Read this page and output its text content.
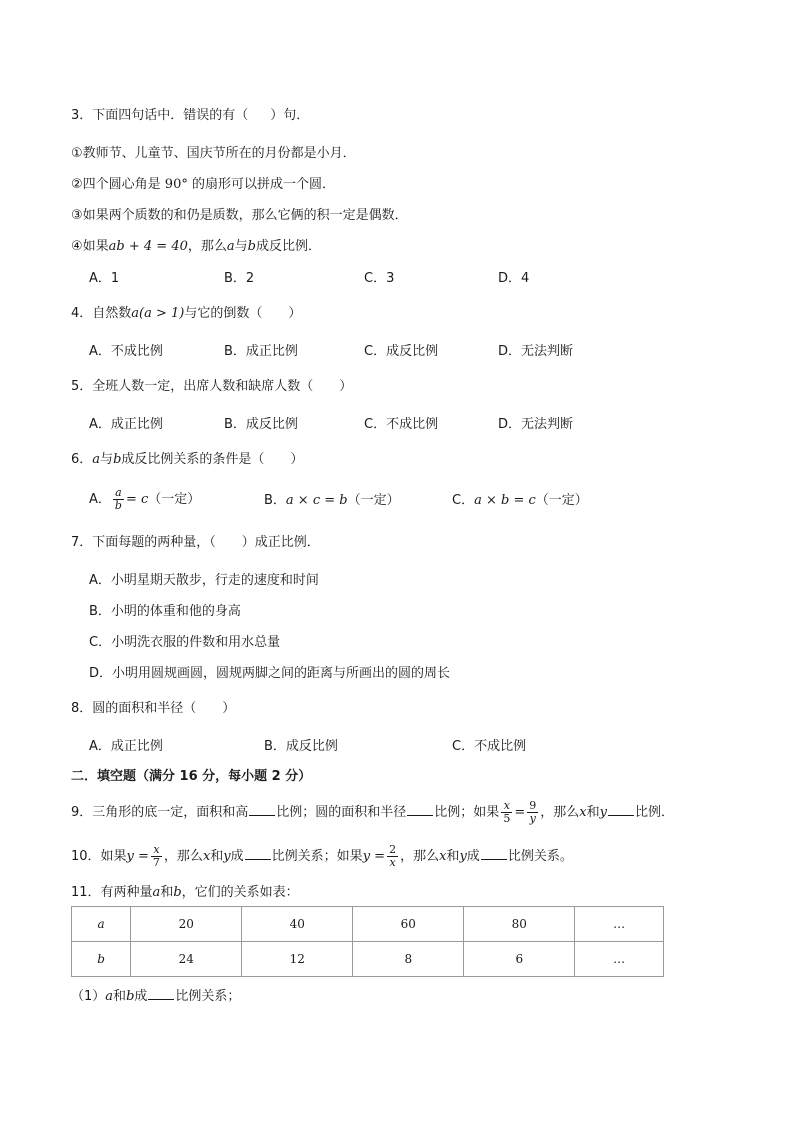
3．下面四句话中．错误的有（ ）句．
①教师节、儿童节、国庆节所在的月份都是小月．
②四个圆心角是 90° 的扇形可以拼成一个圆．
③如果两个质数的和仍是质数，那么它俩的积一定是偶数．
④如果ab + 4 = 40，那么a与b成反比例．
A．1	B．2	C．3	D．4
4．自然数a(a > 1)与它的倒数（　　）
A．不成比例	B．成正比例	C．成反比例	D．无法判断
5．全班人数一定，出席人数和缺席人数（　　）
A．成正比例	B．成反比例	C．不成比例	D．无法判断
6．a与b成反比例关系的条件是（　　）
A． $\frac{a}{b} = c$（一定）	B．a × c = b（一定）	C．a × b = c（一定）
7．下面每题的两种量，（　　）成正比例．
A．小明星期天散步，行走的速度和时间
B．小明的体重和他的身高
C．小明洗衣服的件数和用水总量
D．小明用圆规画圆，圆规两脚之间的距离与所画出的圆的周长
8．圆的面积和半径（　　）
A．成正比例	B．成反比例	C．不成比例
二．填空题（满分 16 分，每小题 2 分）
9．三角形的底一定，面积和高 比例；圆的面积和半径 比例；如果 $\frac{x}{5} = \frac{9}{y}$ ，那么x和y 比例．
10．如果$y = \frac{x}{7}$ ，那么x和y成 比例关系；如果$y = \frac{2}{x}$ ，那么x和y成 比例关系。
11．有两种量a和b，它们的关系如表：
a	20	40	60	80	…
b	24	12	8	6	…
（1）a和b成 比例关系；
